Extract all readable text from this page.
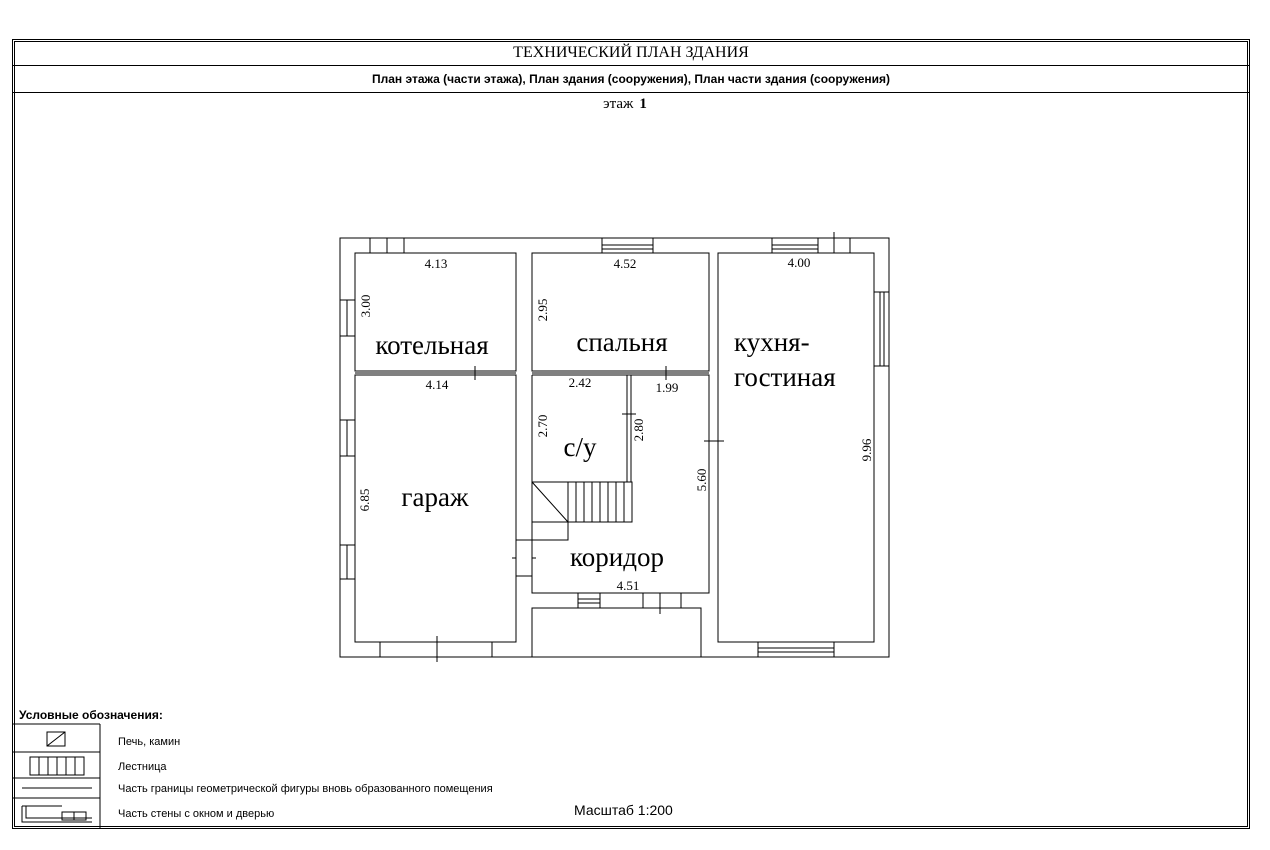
ТЕХНИЧЕСКИЙ ПЛАН ЗДАНИЯ
План этажа (части этажа), План здания (сооружения), План части здания (сооружения)
этаж 1
4.13
3.00
4.52
2.95
4.00
9.96
4.14
6.85
2.42
2.70
1.99
2.80
5.60
4.51
котельная	спальня кухня-
гостиная
гараж
с/у
коридор
Условные обозначения:
Печь, камин
Лестница
Часть границы геометрической фигуры вновь образованного помещения
Часть стены с окном и дверью	Масштаб 1:200
